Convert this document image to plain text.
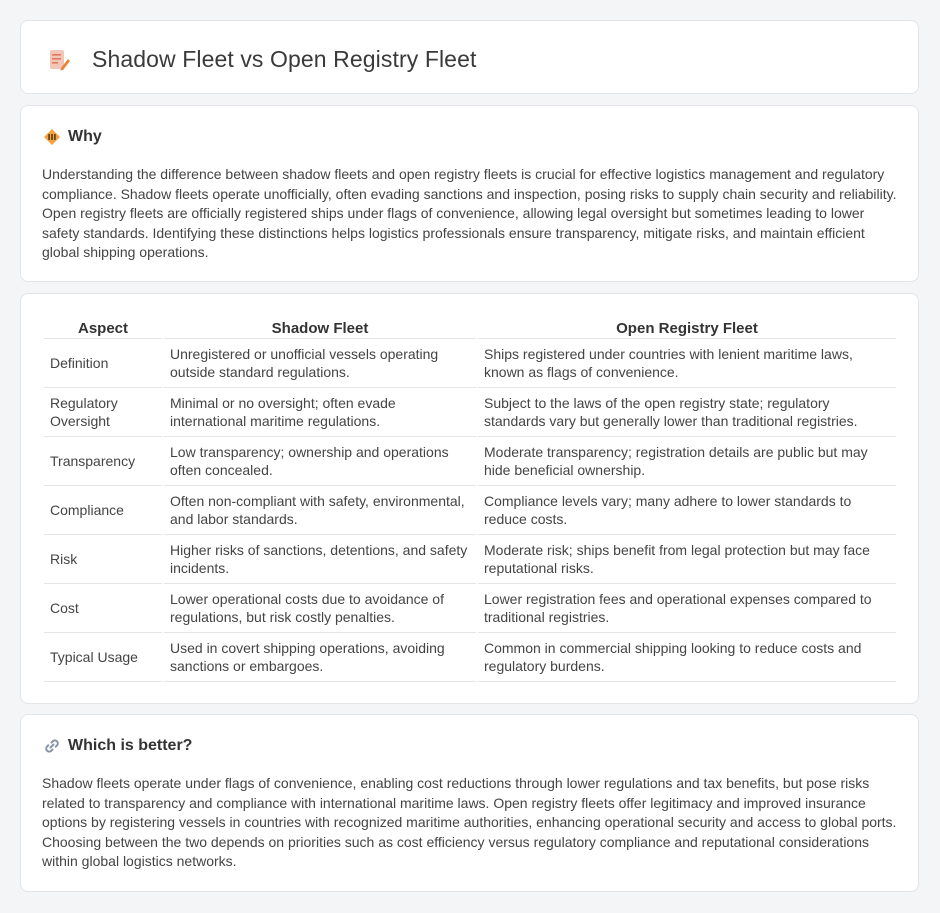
Shadow Fleet vs Open Registry Fleet
Why

Understanding the difference between shadow fleets and open registry fleets is crucial for effective logistics management and regulatory compliance. Shadow fleets operate unofficially, often evading sanctions and inspection, posing risks to supply chain security and reliability. Open registry fleets are officially registered ships under flags of convenience, allowing legal oversight but sometimes leading to lower safety standards. Identifying these distinctions helps logistics professionals ensure transparency, mitigate risks, and maintain efficient global shipping operations.

Aspect	Shadow Fleet	Open Registry Fleet
Definition	Unregistered or unofficial vessels operating outside standard regulations.	Ships registered under countries with lenient maritime laws, known as flags of convenience.
Regulatory Oversight	Minimal or no oversight; often evade international maritime regulations.	Subject to the laws of the open registry state; regulatory standards vary but generally lower than traditional registries.
Transparency	Low transparency; ownership and operations often concealed.	Moderate transparency; registration details are public but may hide beneficial ownership.
Compliance	Often non-compliant with safety, environmental, and labor standards.	Compliance levels vary; many adhere to lower standards to reduce costs.
Risk	Higher risks of sanctions, detentions, and safety incidents.	Moderate risk; ships benefit from legal protection but may face reputational risks.
Cost	Lower operational costs due to avoidance of regulations, but risk costly penalties.	Lower registration fees and operational expenses compared to traditional registries.
Typical Usage	Used in covert shipping operations, avoiding sanctions or embargoes.	Common in commercial shipping looking to reduce costs and regulatory burdens.
Which is better?

Shadow fleets operate under flags of convenience, enabling cost reductions through lower regulations and tax benefits, but pose risks related to transparency and compliance with international maritime laws. Open registry fleets offer legitimacy and improved insurance options by registering vessels in countries with recognized maritime authorities, enhancing operational security and access to global ports. Choosing between the two depends on priorities such as cost efficiency versus regulatory compliance and reputational considerations within global logistics networks.
